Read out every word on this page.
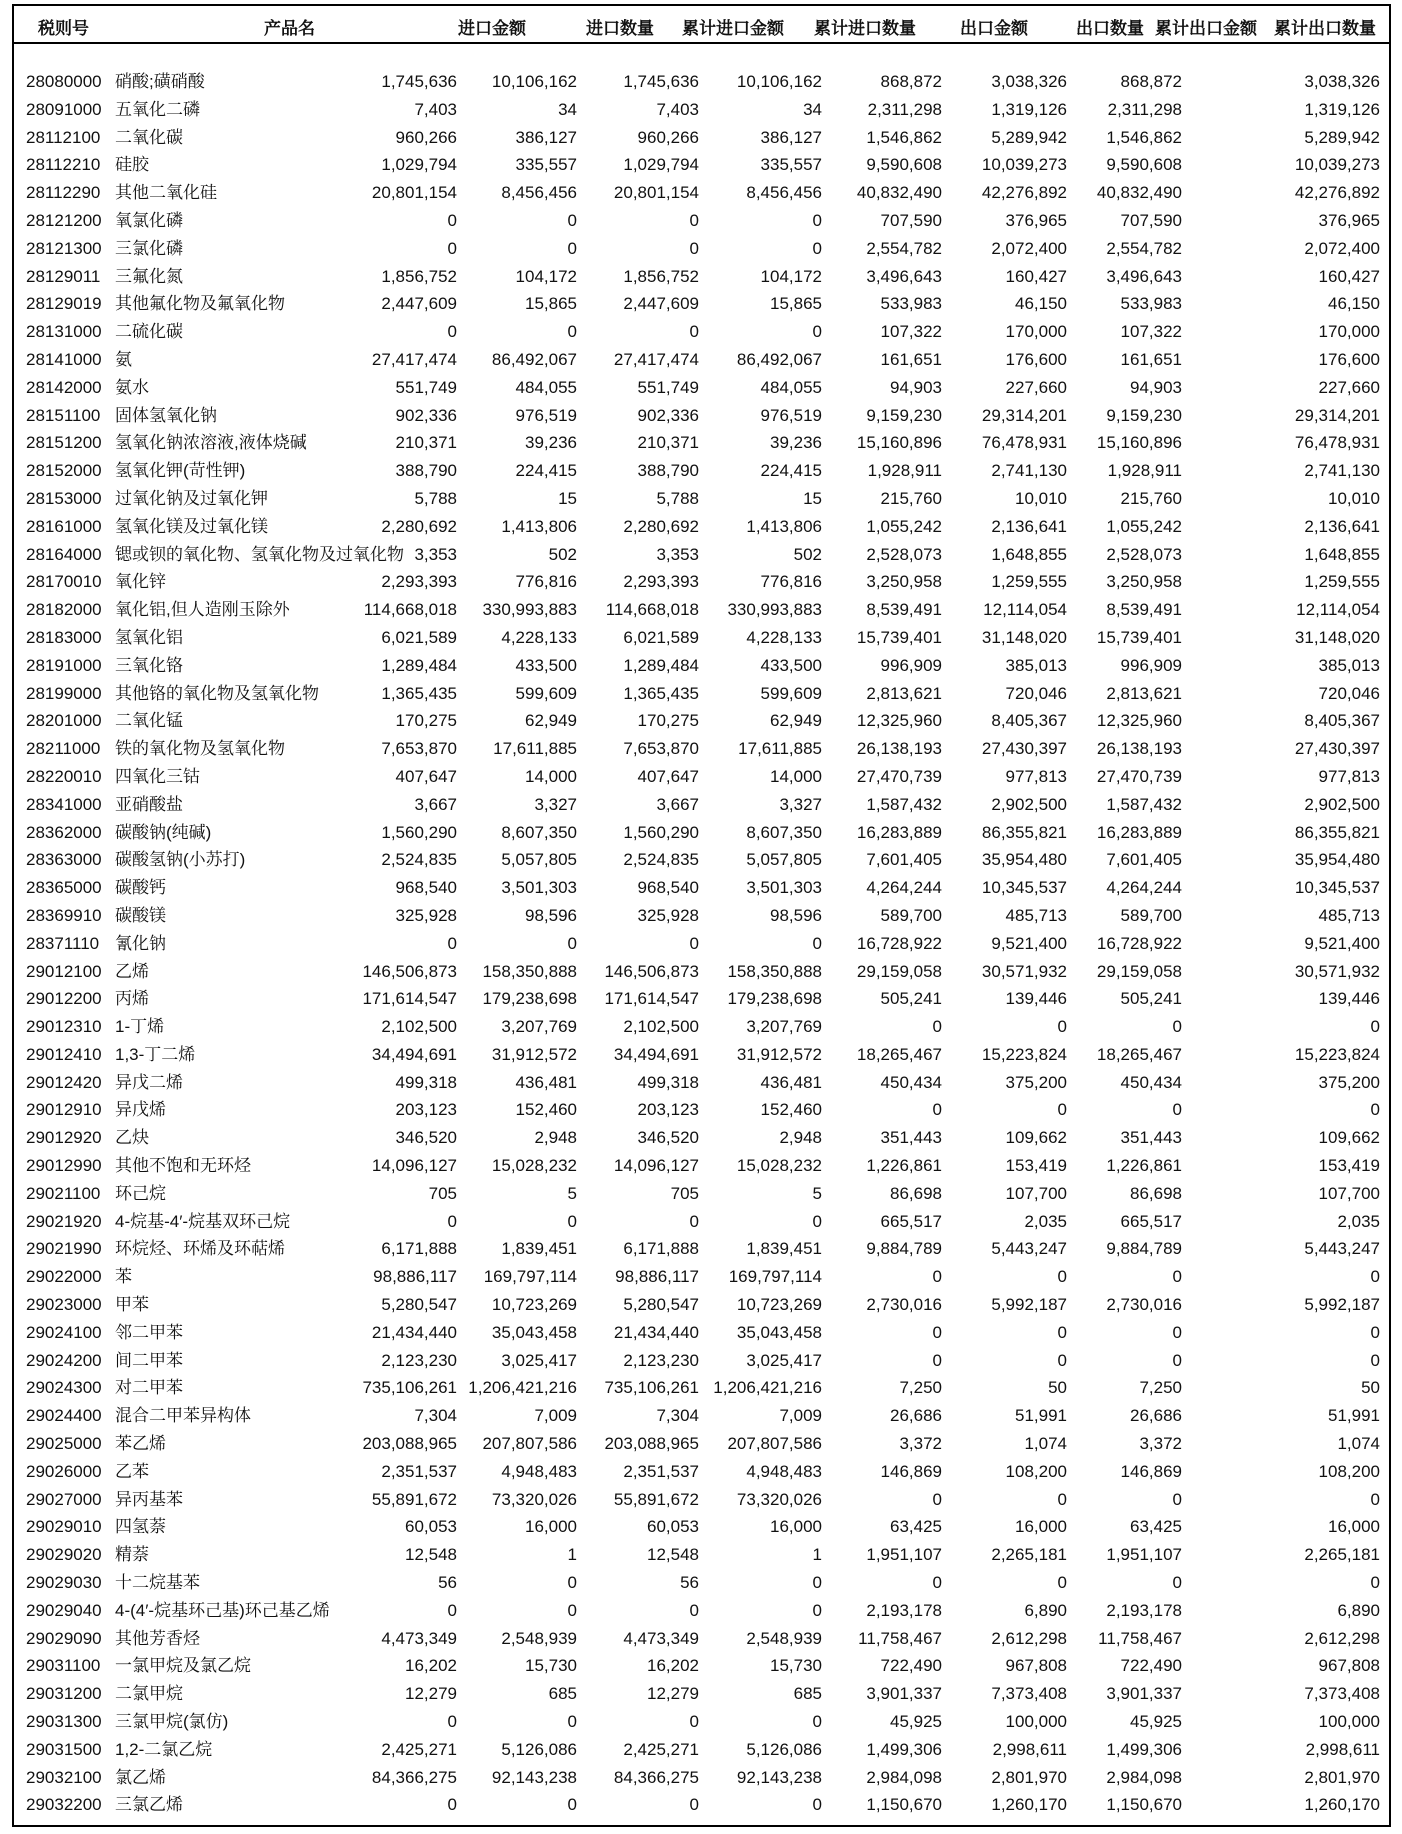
税则号	产品名	进口金额	进口数量 累计进口金额 累计进口数量	出口金额	出口数量 累计出口金额 累计出口数量
28080000 硝酸;磺硝酸	1,745,636 10,106,162	1,745,636 10,106,162	868,872	3,038,326	868,872	3,038,326
28091000 五氧化二磷	7,403	34	7,403	34	2,311,298	1,319,126 2,311,298	1,319,126
28112100 二氧化碳	960,266	386,127	960,266	386,127	1,546,862	5,289,942 1,546,862	5,289,942
28112210 硅胶	1,029,794	335,557	1,029,794	335,557	9,590,608 10,039,273 9,590,608	10,039,273
28112290 其他二氧化硅	20,801,154	8,456,456 20,801,154	8,456,456 40,832,490 42,276,892 40,832,490	42,276,892
28121200 氧氯化磷	0	0	0	0	707,590	376,965	707,590	376,965
28121300 三氯化磷	0	0	0	0	2,554,782	2,072,400 2,554,782	2,072,400
28129011 三氟化氮	1,856,752	104,172	1,856,752	104,172	3,496,643	160,427 3,496,643	160,427
28129019 其他氟化物及氟氧化物	2,447,609	15,865	2,447,609	15,865	533,983	46,150	533,983	46,150
28131000 二硫化碳	0	0	0	0	107,322	170,000	107,322	170,000
28141000 氨	27,417,474 86,492,067 27,417,474 86,492,067	161,651	176,600	161,651	176,600
28142000 氨水	551,749	484,055	551,749	484,055	94,903	227,660	94,903	227,660
28151100 固体氢氧化钠	902,336	976,519	902,336	976,519	9,159,230 29,314,201 9,159,230	29,314,201
28151200 氢氧化钠浓溶液,液体烧碱	210,371	39,236	210,371	39,236 15,160,896 76,478,931 15,160,896	76,478,931
28152000 氢氧化钾(苛性钾)	388,790	224,415	388,790	224,415	1,928,911	2,741,130 1,928,911	2,741,130
28153000 过氧化钠及过氧化钾	5,788	15	5,788	15	215,760	10,010	215,760	10,010
28161000 氢氧化镁及过氧化镁	2,280,692	1,413,806	2,280,692	1,413,806	1,055,242	2,136,641 1,055,242	2,136,641
28164000 锶或钡的氧化物、氢氧化物及过氧化物 3,353	502	3,353	502	2,528,073	1,648,855 2,528,073	1,648,855
28170010 氧化锌	2,293,393	776,816	2,293,393	776,816	3,250,958	1,259,555 3,250,958	1,259,555
28182000 氧化铝,但人造刚玉除外	114,668,018 330,993,883 114,668,018 330,993,883	8,539,491 12,114,054 8,539,491	12,114,054
28183000 氢氧化铝	6,021,589	4,228,133	6,021,589	4,228,133 15,739,401 31,148,020 15,739,401	31,148,020
28191000 三氧化铬	1,289,484	433,500	1,289,484	433,500	996,909	385,013	996,909	385,013
28199000 其他铬的氧化物及氢氧化物	1,365,435	599,609	1,365,435	599,609	2,813,621	720,046 2,813,621	720,046
28201000 二氧化锰	170,275	62,949	170,275	62,949 12,325,960	8,405,367 12,325,960	8,405,367
28211000 铁的氧化物及氢氧化物	7,653,870 17,611,885	7,653,870 17,611,885 26,138,193 27,430,397 26,138,193	27,430,397
28220010 四氧化三钴	407,647	14,000	407,647	14,000 27,470,739	977,813 27,470,739	977,813
28341000 亚硝酸盐	3,667	3,327	3,667	3,327	1,587,432	2,902,500 1,587,432	2,902,500
28362000 碳酸钠(纯碱)	1,560,290	8,607,350	1,560,290	8,607,350 16,283,889 86,355,821 16,283,889	86,355,821
28363000 碳酸氢钠(小苏打)	2,524,835	5,057,805	2,524,835	5,057,805	7,601,405 35,954,480 7,601,405	35,954,480
28365000 碳酸钙	968,540	3,501,303	968,540	3,501,303	4,264,244 10,345,537 4,264,244	10,345,537
28369910 碳酸镁	325,928	98,596	325,928	98,596	589,700	485,713	589,700	485,713
28371110 氰化钠	0	0	0	0 16,728,922	9,521,400 16,728,922	9,521,400
29012100 乙烯	146,506,873 158,350,888 146,506,873 158,350,888 29,159,058 30,571,932 29,159,058	30,571,932
29012200 丙烯	171,614,547 179,238,698 171,614,547 179,238,698	505,241	139,446	505,241	139,446
29012310 1-丁烯	2,102,500	3,207,769	2,102,500	3,207,769	0	0	0	0
29012410 1,3-丁二烯	34,494,691 31,912,572 34,494,691 31,912,572 18,265,467 15,223,824 18,265,467	15,223,824
29012420 异戊二烯	499,318	436,481	499,318	436,481	450,434	375,200	450,434	375,200
29012910 异戊烯	203,123	152,460	203,123	152,460	0	0	0	0
29012920 乙炔	346,520	2,948	346,520	2,948	351,443	109,662	351,443	109,662
29012990 其他不饱和无环烃	14,096,127 15,028,232 14,096,127 15,028,232	1,226,861	153,419 1,226,861	153,419
29021100 环己烷	705	5	705	5	86,698	107,700	86,698	107,700
29021920 4-烷基-4′-烷基双环己烷	0	0	0	0	665,517	2,035	665,517	2,035
29021990 环烷烃、环烯及环萜烯	6,171,888	1,839,451	6,171,888	1,839,451	9,884,789	5,443,247 9,884,789	5,443,247
29022000 苯	98,886,117 169,797,114 98,886,117 169,797,114	0	0	0	0
29023000 甲苯	5,280,547 10,723,269	5,280,547 10,723,269	2,730,016	5,992,187 2,730,016	5,992,187
29024100 邻二甲苯	21,434,440 35,043,458 21,434,440 35,043,458	0	0	0	0
29024200 间二甲苯	2,123,230	3,025,417	2,123,230	3,025,417	0	0	0	0
29024300 对二甲苯	735,106,261 1,206,421,216 735,106,261 1,206,421,216	7,250	50	7,250	50
29024400 混合二甲苯异构体	7,304	7,009	7,304	7,009	26,686	51,991	26,686	51,991
29025000 苯乙烯	203,088,965 207,807,586 203,088,965 207,807,586	3,372	1,074	3,372	1,074
29026000 乙苯	2,351,537	4,948,483	2,351,537	4,948,483	146,869	108,200	146,869	108,200
29027000 异丙基苯	55,891,672 73,320,026 55,891,672 73,320,026	0	0	0	0
29029010 四氢萘	60,053	16,000	60,053	16,000	63,425	16,000	63,425	16,000
29029020 精萘	12,548	1	12,548	1	1,951,107	2,265,181 1,951,107	2,265,181
29029030 十二烷基苯	56	0	56	0	0	0	0	0
29029040 4-(4′-烷基环己基)环己基乙烯	0	0	0	0	2,193,178	6,890 2,193,178	6,890
29029090 其他芳香烃	4,473,349	2,548,939	4,473,349	2,548,939 11,758,467	2,612,298 11,758,467	2,612,298
29031100 一氯甲烷及氯乙烷	16,202	15,730	16,202	15,730	722,490	967,808	722,490	967,808
29031200 二氯甲烷	12,279	685	12,279	685	3,901,337	7,373,408 3,901,337	7,373,408
29031300 三氯甲烷(氯仿)	0	0	0	0	45,925	100,000	45,925	100,000
29031500 1,2-二氯乙烷	2,425,271	5,126,086	2,425,271	5,126,086	1,499,306	2,998,611 1,499,306	2,998,611
29032100 氯乙烯	84,366,275 92,143,238 84,366,275 92,143,238	2,984,098	2,801,970 2,984,098	2,801,970
29032200 三氯乙烯	0	0	0	0	1,150,670	1,260,170 1,150,670	1,260,170
